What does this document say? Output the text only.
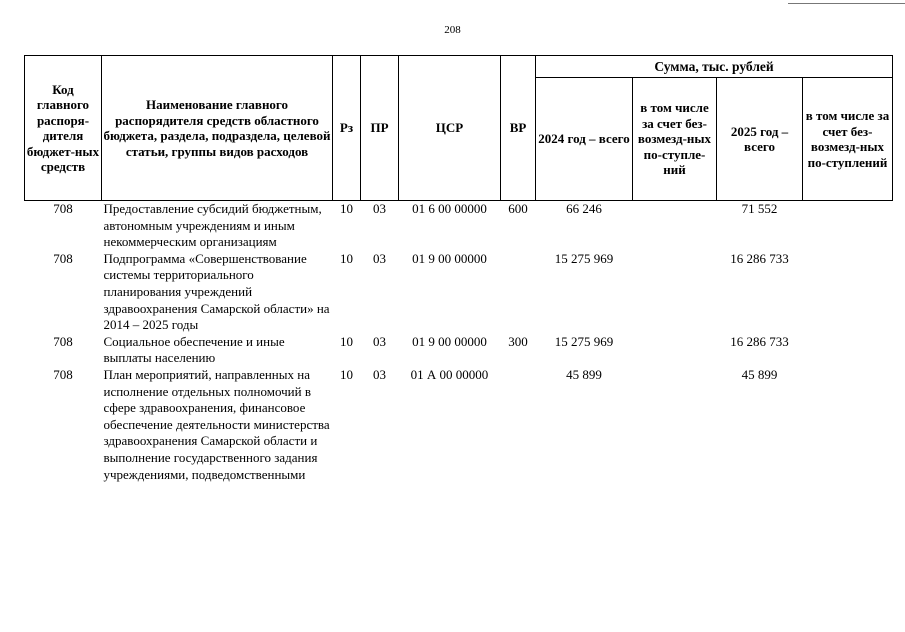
208
Код главного распоря-дителя бюджет-ных средств	Наименование главного распорядителя средств областного бюджета, раздела, подраздела, целевой статьи, группы видов расходов	Рз	ПР	ЦСР	ВР	Сумма, тыс. рублей			
						2024 год – всего	в том числе за счет без-возмезд-ных по-ступле-ний	2025 год – всего	в том числе за счет без-возмезд-ных по-ступлений
708	Предоставление субсидий бюджетным, автономным учреждениям и иным некоммерческим организациям	10	03	01 6 00 00000	600	66 246		71 552	
708	Подпрограмма «Совершенствование системы территориального планирования учреждений здравоохранения Самарской области» на 2014 – 2025 годы	10	03	01 9 00 00000		15 275 969		16 286 733	
708	Социальное обеспечение и иные выплаты населению	10	03	01 9 00 00000	300	15 275 969		16 286 733	
708	План мероприятий, направленных на исполнение отдельных полномочий в сфере здравоохранения, финансовое обеспечение деятельности министерства здравоохранения Самарской области и выполнение государственного задания учреждениями, подведомственными	10	03	01 А 00 00000		45 899		45 899	
